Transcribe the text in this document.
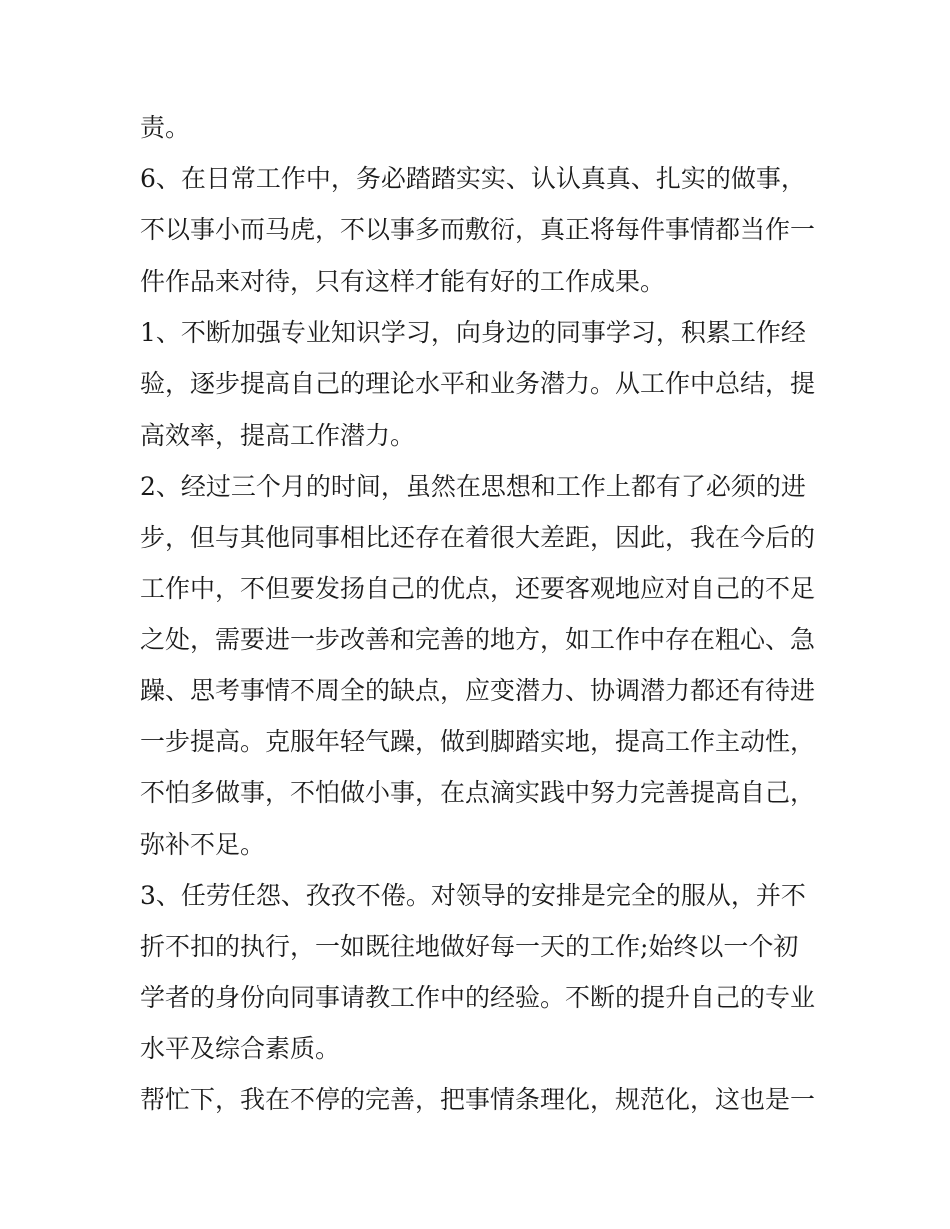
责。
6、在日常工作中，务必踏踏实实、认认真真、扎实的做事，
不以事小而马虎，不以事多而敷衍，真正将每件事情都当作一
件作品来对待，只有这样才能有好的工作成果。
1、不断加强专业知识学习，向身边的同事学习，积累工作经
验，逐步提高自己的理论水平和业务潜力。从工作中总结，提
高效率，提高工作潜力。
2、经过三个月的时间，虽然在思想和工作上都有了必须的进
步，但与其他同事相比还存在着很大差距，因此，我在今后的
工作中，不但要发扬自己的优点，还要客观地应对自己的不足
之处，需要进一步改善和完善的地方，如工作中存在粗心、急
躁、思考事情不周全的缺点，应变潜力、协调潜力都还有待进
一步提高。克服年轻气躁，做到脚踏实地，提高工作主动性，
不怕多做事，不怕做小事，在点滴实践中努力完善提高自己，
弥补不足。
3、任劳任怨、孜孜不倦。对领导的安排是完全的服从，并不
折不扣的执行，一如既往地做好每一天的工作;始终以一个初
学者的身份向同事请教工作中的经验。不断的提升自己的专业
水平及综合素质。
帮忙下，我在不停的完善，把事情条理化，规范化，这也是一
